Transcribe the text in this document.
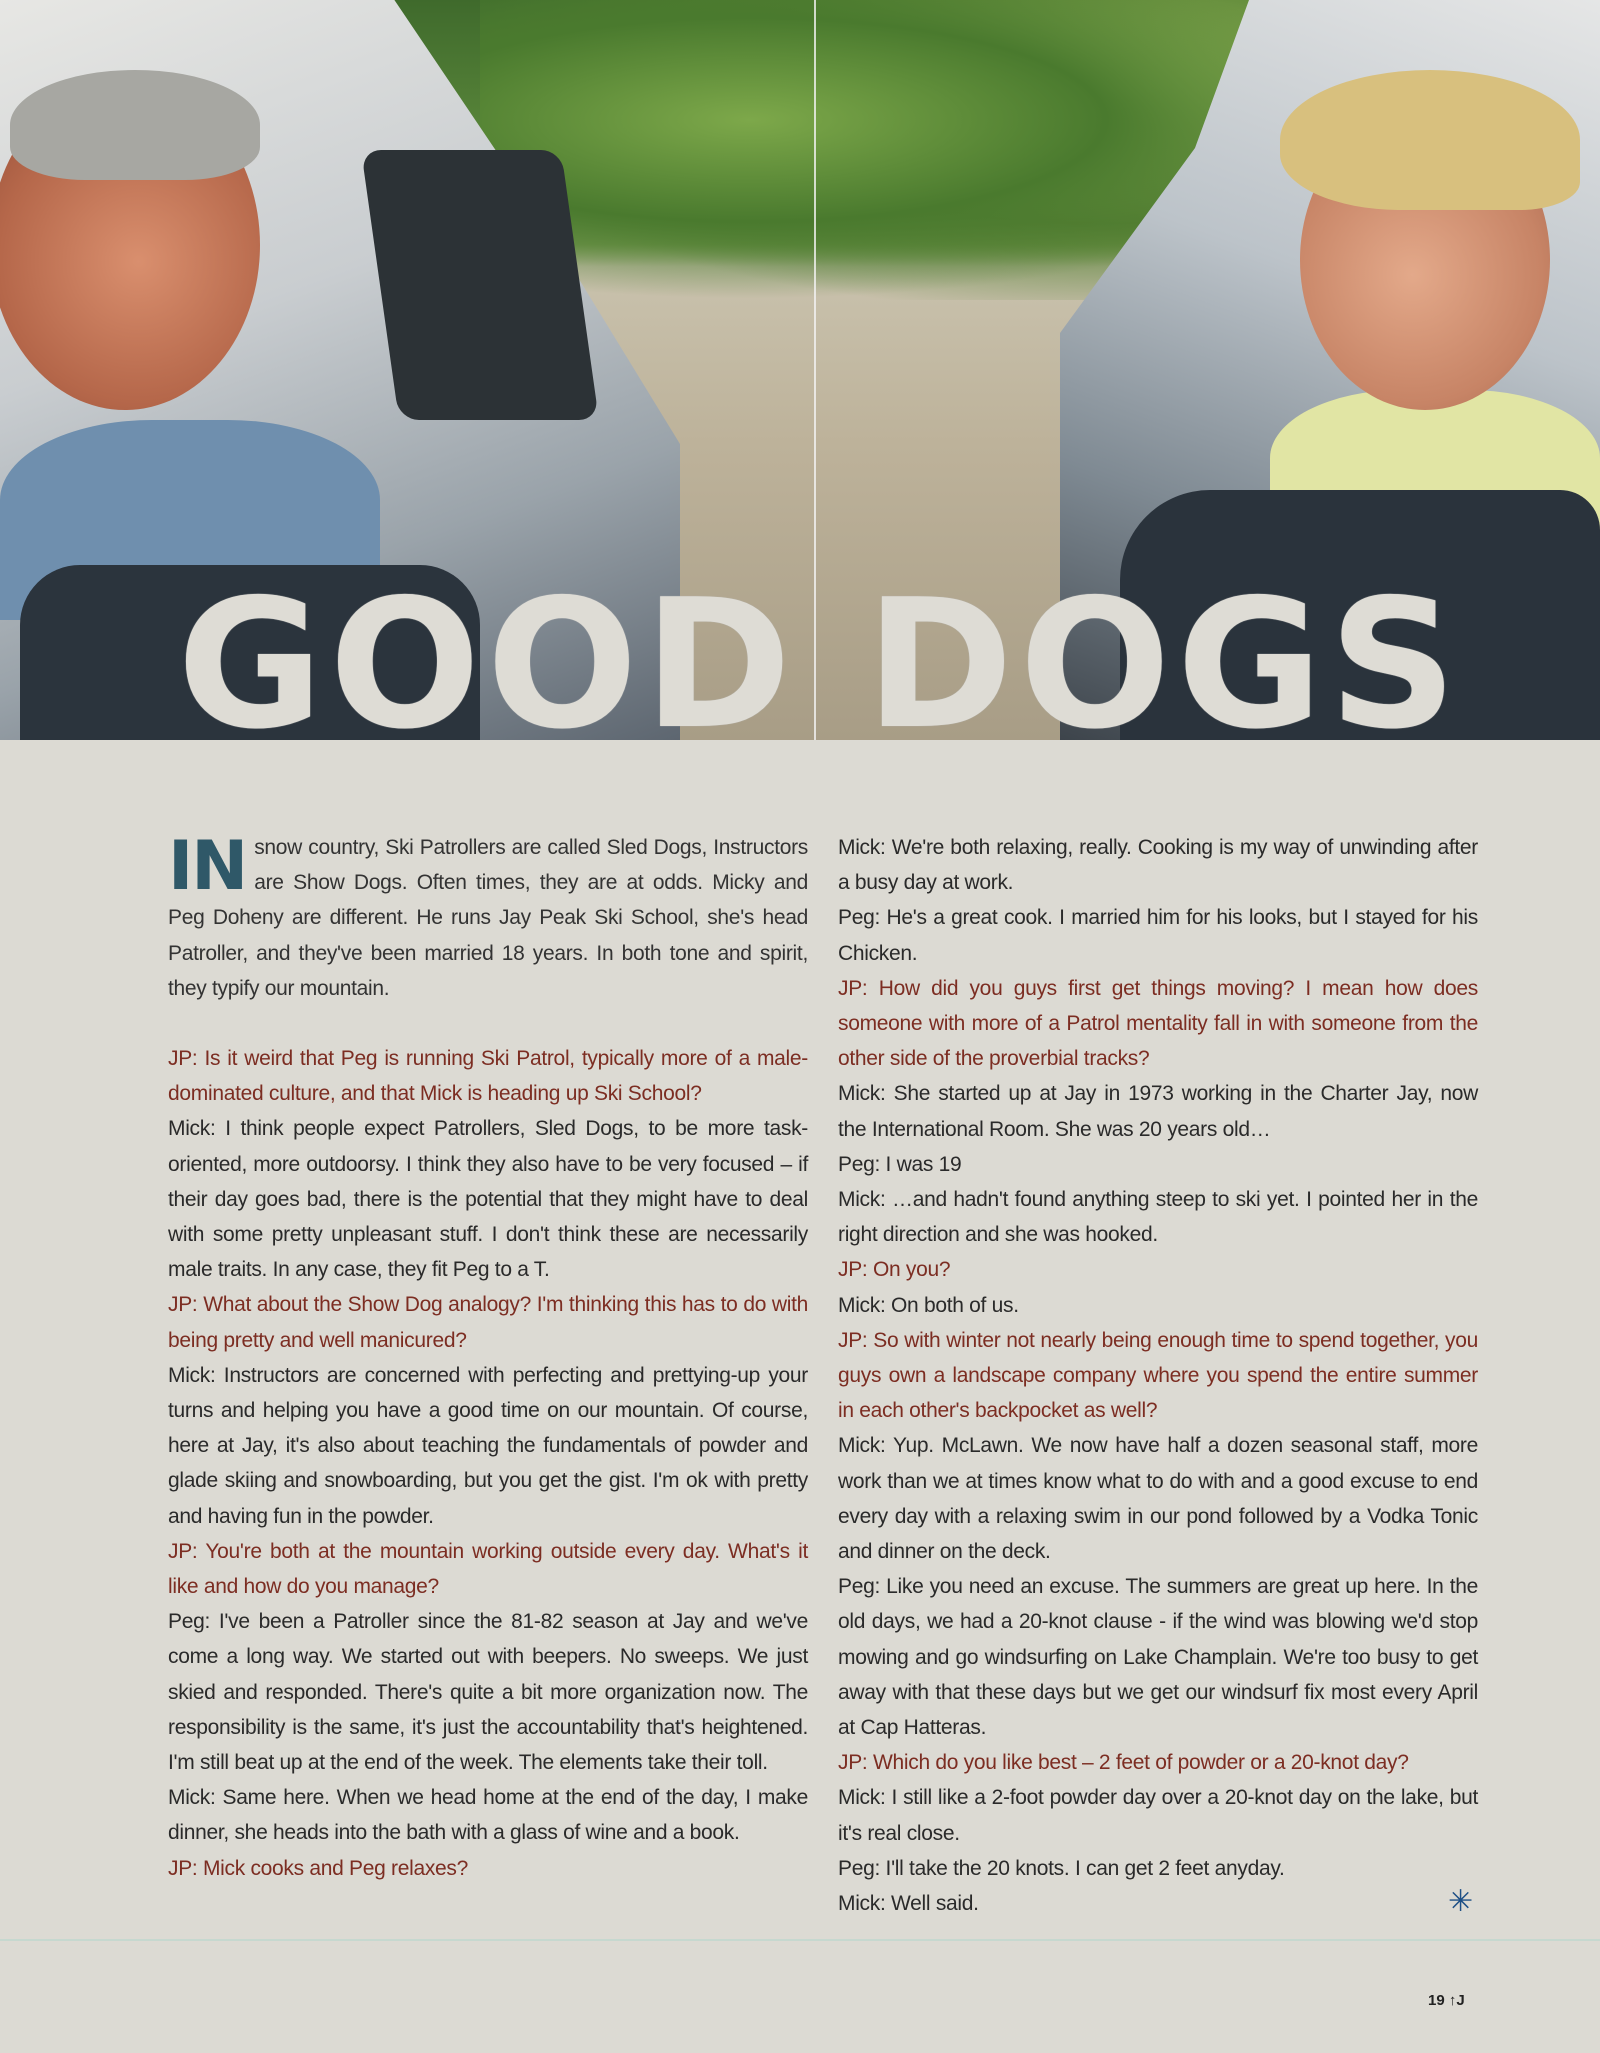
GOOD DOGS

IN snow country, Ski Patrollers are called Sled Dogs, Instructors are Show Dogs. Often times, they are at odds. Micky and Peg Doheny are different. He runs Jay Peak Ski School, she's head Patroller, and they've been married 18 years. In both tone and spirit, they typify our mountain.

JP: Is it weird that Peg is running Ski Patrol, typically more of a male-dominated culture, and that Mick is heading up Ski School?

Mick: I think people expect Patrollers, Sled Dogs, to be more task-oriented, more outdoorsy. I think they also have to be very focused – if their day goes bad, there is the potential that they might have to deal with some pretty unpleasant stuff. I don't think these are necessarily male traits. In any case, they fit Peg to a T.

JP: What about the Show Dog analogy? I'm thinking this has to do with being pretty and well manicured?

Mick: Instructors are concerned with perfecting and prettying-up your turns and helping you have a good time on our mountain. Of course, here at Jay, it's also about teaching the fundamentals of powder and glade skiing and snowboarding, but you get the gist. I'm ok with pretty and having fun in the powder.

JP: You're both at the mountain working outside every day. What's it like and how do you manage?

Peg: I've been a Patroller since the 81-82 season at Jay and we've come a long way. We started out with beepers. No sweeps. We just skied and responded. There's quite a bit more organization now. The responsibility is the same, it's just the accountability that's heightened. I'm still beat up at the end of the week. The elements take their toll.

Mick: Same here. When we head home at the end of the day, I make dinner, she heads into the bath with a glass of wine and a book.

JP: Mick cooks and Peg relaxes?

Mick: We're both relaxing, really. Cooking is my way of unwinding after a busy day at work.

Peg: He's a great cook. I married him for his looks, but I stayed for his Chicken.

JP: How did you guys first get things moving? I mean how does someone with more of a Patrol mentality fall in with someone from the other side of the proverbial tracks?

Mick: She started up at Jay in 1973 working in the Charter Jay, now the International Room. She was 20 years old…

Peg: I was 19

Mick: …and hadn't found anything steep to ski yet. I pointed her in the right direction and she was hooked.

JP: On you?

Mick: On both of us.

JP: So with winter not nearly being enough time to spend together, you guys own a landscape company where you spend the entire summer in each other's backpocket as well?

Mick: Yup. McLawn. We now have half a dozen seasonal staff, more work than we at times know what to do with and a good excuse to end every day with a relaxing swim in our pond followed by a Vodka Tonic and dinner on the deck.

Peg: Like you need an excuse. The summers are great up here. In the old days, we had a 20-knot clause - if the wind was blowing we'd stop mowing and go windsurfing on Lake Champlain. We're too busy to get away with that these days but we get our windsurf fix most every April at Cap Hatteras.

JP: Which do you like best – 2 feet of powder or a 20-knot day?

Mick: I still like a 2-foot powder day over a 20-knot day on the lake, but it's real close.

Peg: I'll take the 20 knots. I can get 2 feet anyday.

Mick: Well said.	✳
19 ↑J
